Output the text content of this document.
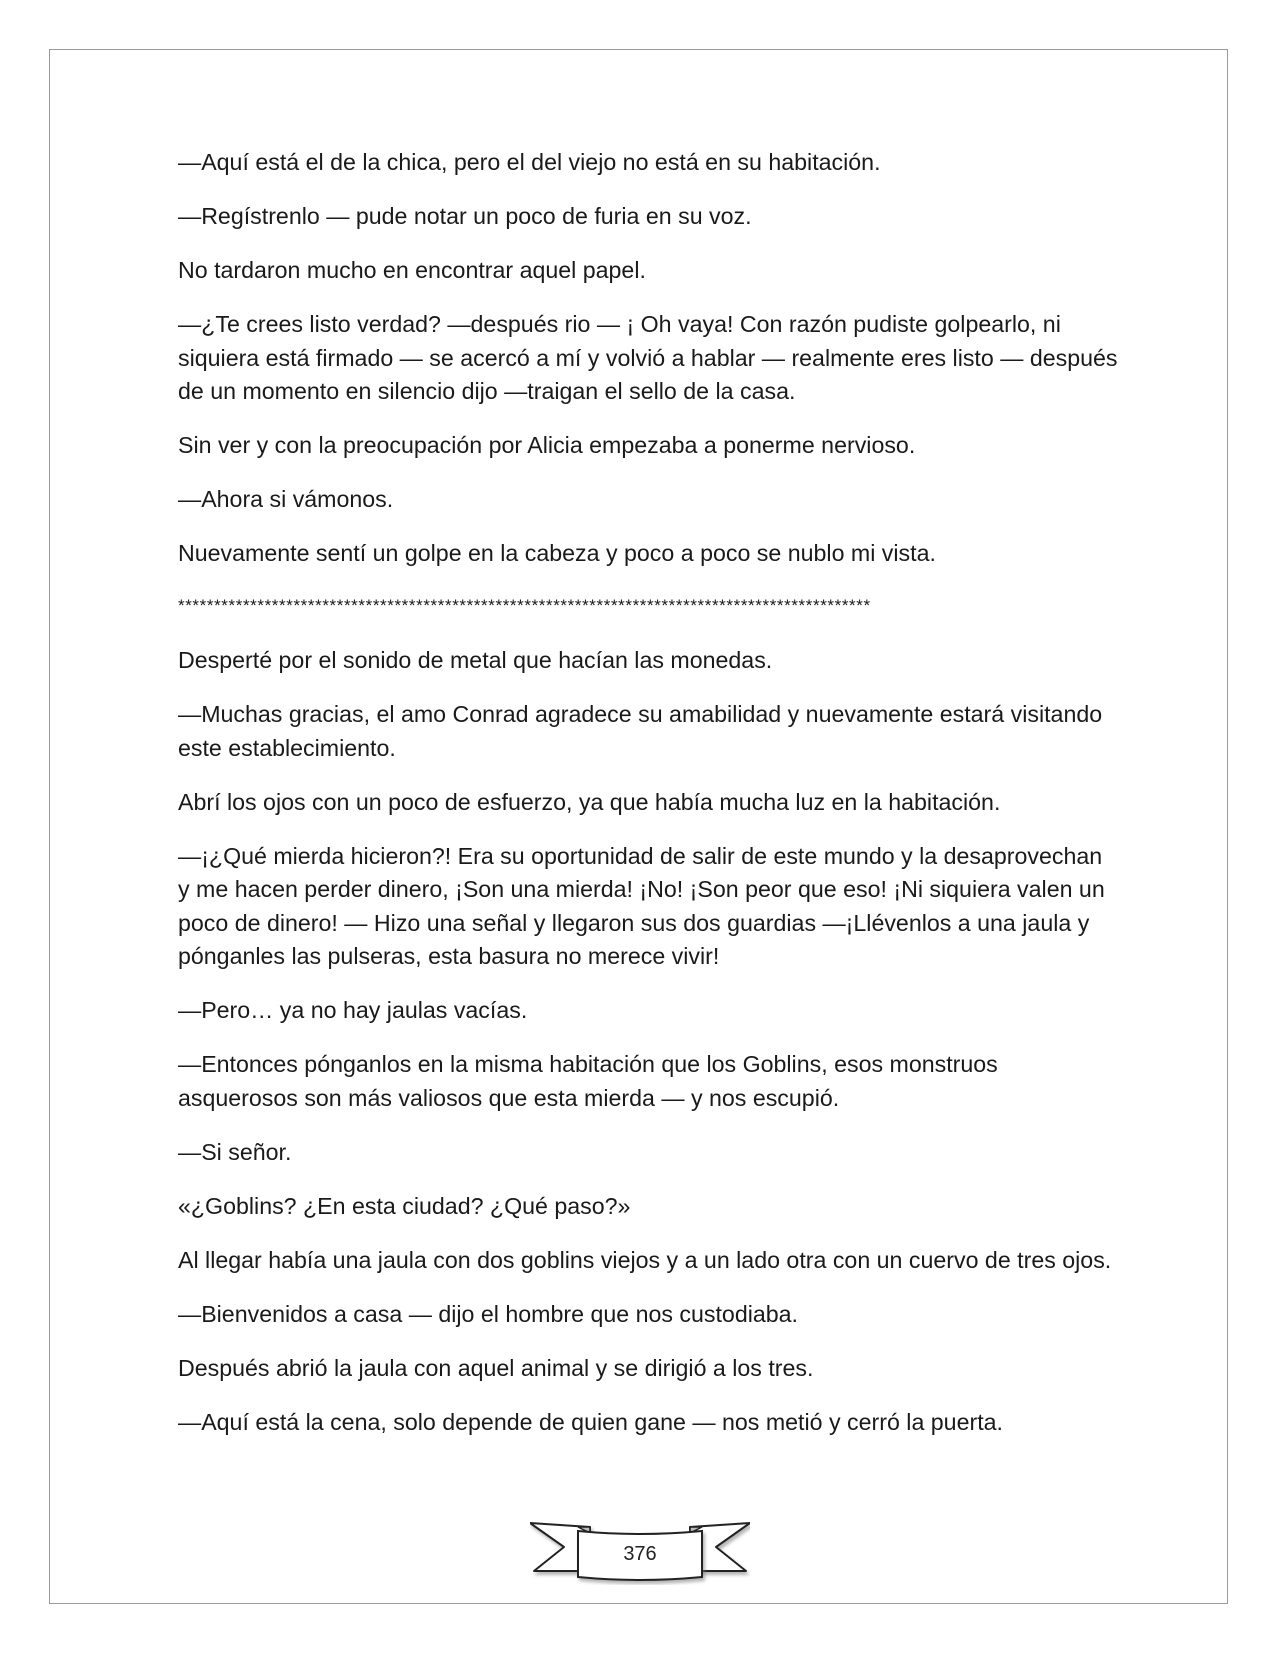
—Aquí está el de la chica, pero el del viejo no está en su habitación.

—Regístrenlo — pude notar un poco de furia en su voz.

No tardaron mucho en encontrar aquel papel.

—¿Te crees listo verdad? —después rio — ¡ Oh vaya! Con razón pudiste golpearlo, ni siquiera está firmado — se acercó a mí y volvió a hablar — realmente eres listo — después de un momento en silencio dijo —traigan el sello de la casa.

Sin ver y con la preocupación por Alicia empezaba a ponerme nervioso.

—Ahora si vámonos.

Nuevamente sentí un golpe en la cabeza y poco a poco se nublo mi vista.

************************************************************************************************

Desperté por el sonido de metal que hacían las monedas.

—Muchas gracias, el amo Conrad agradece su amabilidad y nuevamente estará visitando este establecimiento.

Abrí los ojos con un poco de esfuerzo, ya que había mucha luz en la habitación.

—¡¿Qué mierda hicieron?! Era su oportunidad de salir de este mundo y la desaprovechan y me hacen perder dinero, ¡Son una mierda! ¡No! ¡Son peor que eso! ¡Ni siquiera valen un poco de dinero! — Hizo una señal y llegaron sus dos guardias —¡Llévenlos a una jaula y pónganles las pulseras, esta basura no merece vivir!

—Pero… ya no hay jaulas vacías.

—Entonces pónganlos en la misma habitación que los Goblins, esos monstruos asquerosos son más valiosos que esta mierda — y nos escupió.

—Si señor.

«¿Goblins? ¿En esta ciudad? ¿Qué paso?»

Al llegar había una jaula con dos goblins viejos y a un lado otra con un cuervo de tres ojos.

—Bienvenidos a casa — dijo el hombre que nos custodiaba.

Después abrió la jaula con aquel animal y se dirigió a los tres.

—Aquí está la cena, solo depende de quien gane — nos metió y cerró la puerta.

376
